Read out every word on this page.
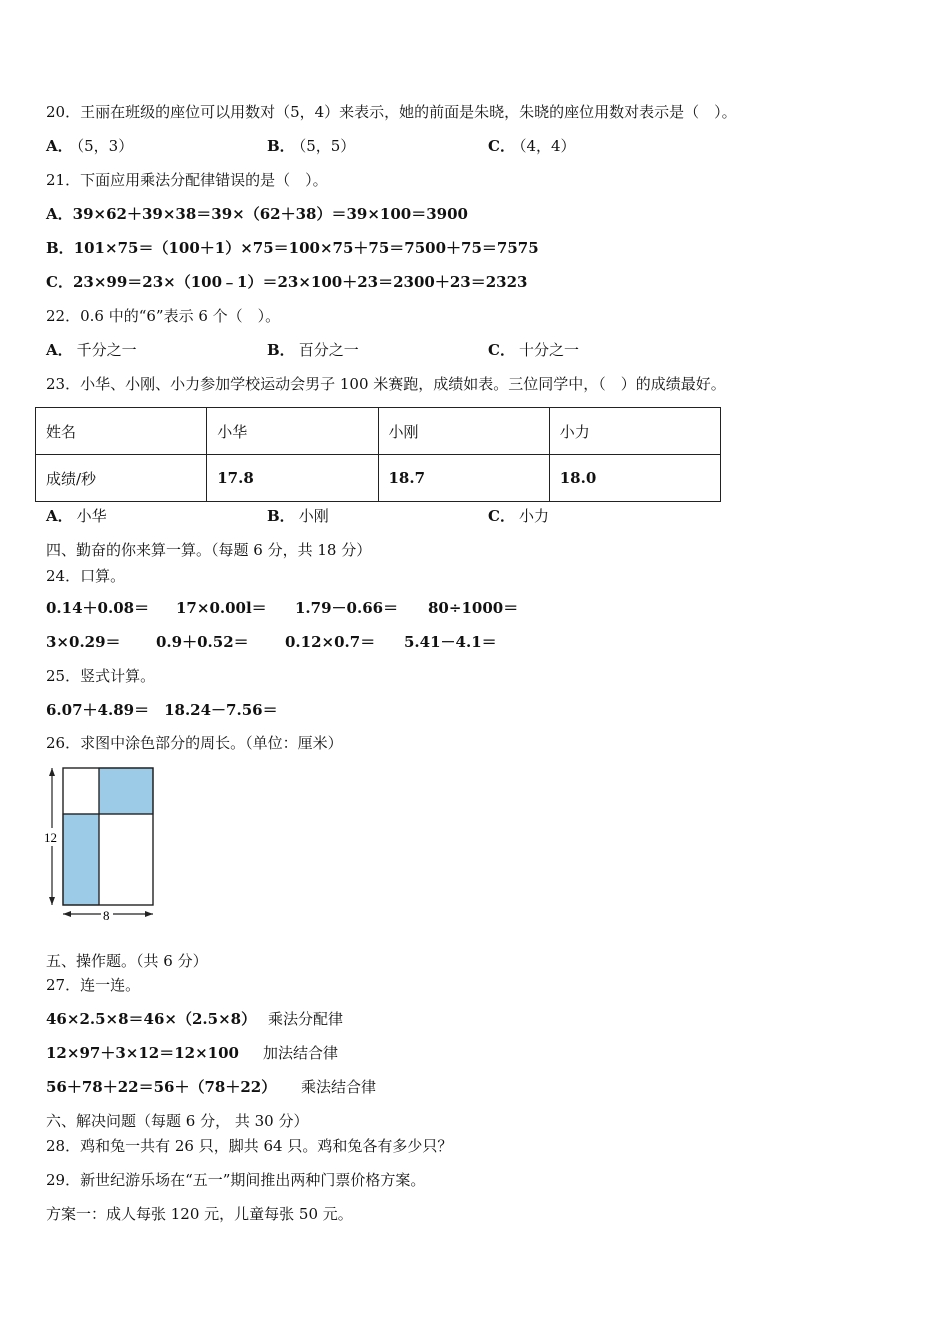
20．王丽在班级的座位可以用数对（5，4）来表示，她的前面是朱晓，朱晓的座位用数对表示是（　）。
A． （5，3）	B． （5，5）	C． （4，4）
21．下面应用乘法分配律错误的是（　）。
A．39×62＋39×38＝39×（62＋38）＝39×100＝3900
B．101×75＝（100＋1）×75＝100×75＋75＝7500＋75＝7575
C．23×99＝23×（100﹣1）＝23×100＋23＝2300＋23＝2323
22．0.6 中的“6”表示 6 个（　）。
A． 千分之一	B． 百分之一	C． 十分之一
23．小华、小刚、小力参加学校运动会男子 100 米赛跑，成绩如表。三位同学中，（　）的成绩最好。
姓名	小华	小刚	小力
成绩/秒	17.8	18.7	18.0
A． 小华	B． 小刚	C． 小力
四、勤奋的你来算一算。（每题 6 分，共 18 分）
24．口算。
0.14＋0.08＝ 17×0.00l＝ 1.79－0.66＝ 80÷1000＝
3×0.29＝ 0.9＋0.52＝ 0.12×0.7＝ 5.41－4.1＝
25．竖式计算。
6.07＋4.89＝　18.24－7.56＝
26．求图中涂色部分的周长。（单位：厘米）
12
8
五、操作题。（共 6 分）
27．连一连。
46×2.5×8＝46×（2.5×8） 乘法分配律
12×97＋3×12＝12×100 加法结合律
56＋78＋22＝56＋（78＋22） 乘法结合律
六、解决问题（每题 6 分， 共 30 分）
28．鸡和兔一共有 26 只，脚共 64 只。鸡和兔各有多少只？
29．新世纪游乐场在“五一”期间推出两种门票价格方案。
方案一：成人每张 120 元，儿童每张 50 元。
